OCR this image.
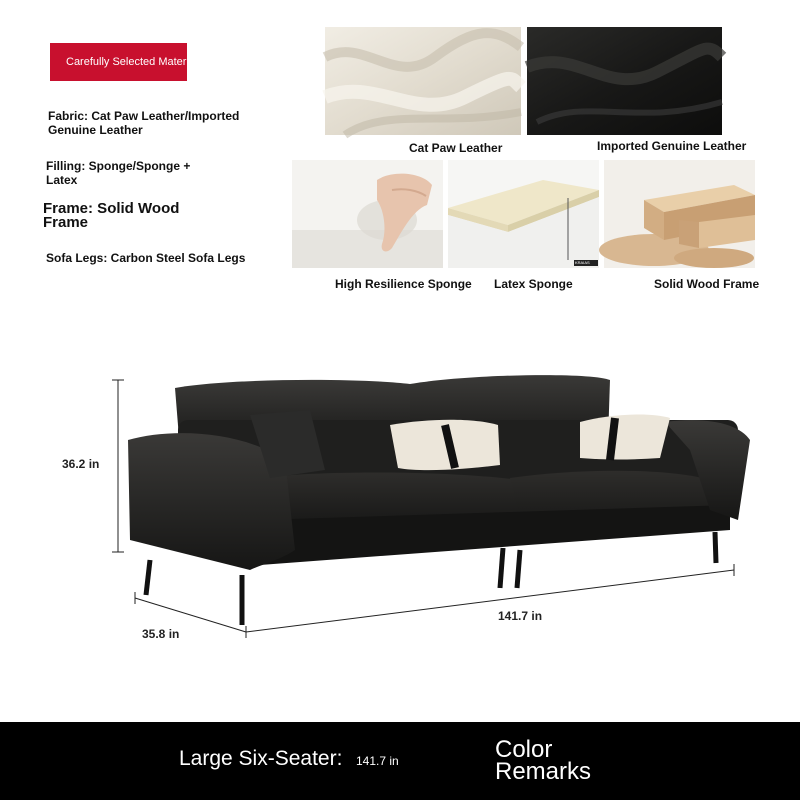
Carefully Selected Materials
Fabric: Cat Paw Leather/Imported Genuine Leather
Filling: Sponge/Sponge + Latex
Frame: Solid Wood Frame
Sofa Legs: Carbon Steel Sofa Legs
Cat Paw Leather	Imported Genuine Leather
High Resilience Sponge
KRAIAS
Latex Sponge	Solid Wood Frame
36.2 in
35.8 in
141.7 in
Large Six-Seater: 141.7 in	Color
Remarks
